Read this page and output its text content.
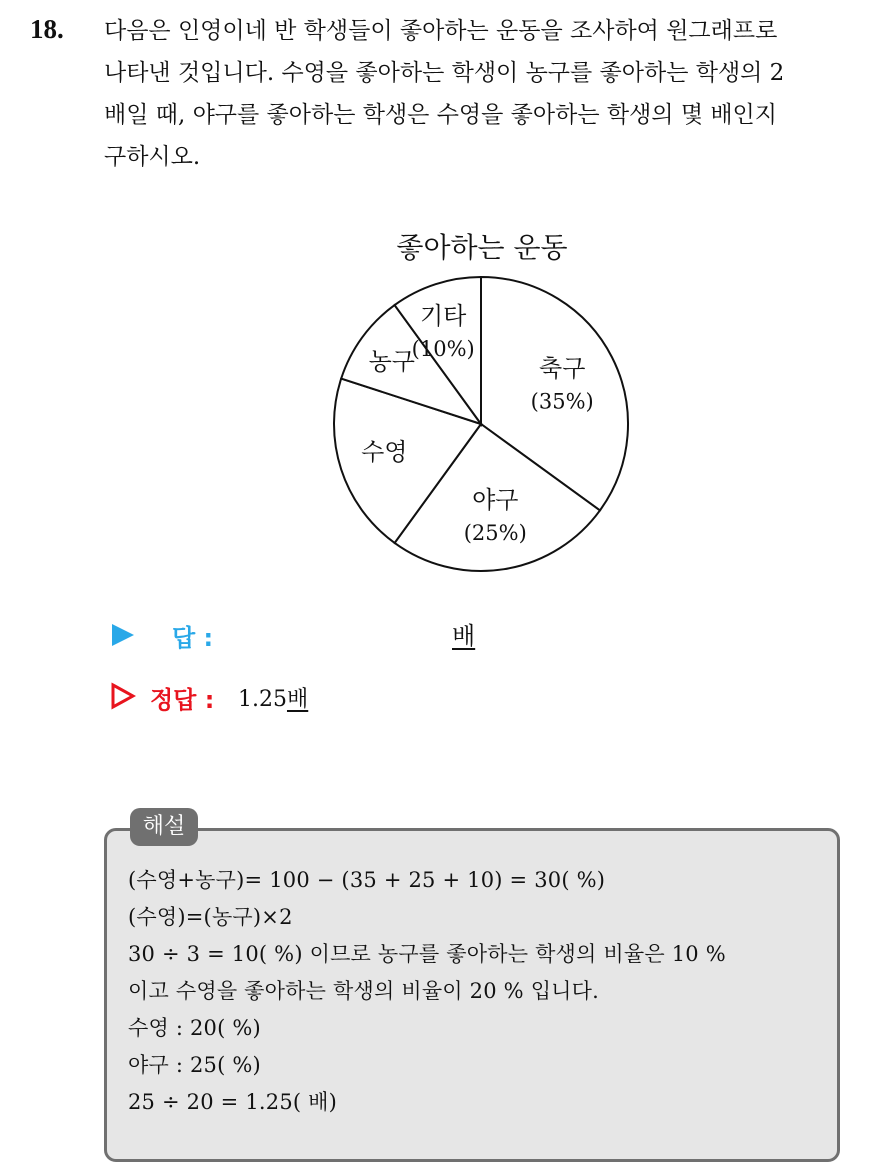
18. 다음은 인영이네 반 학생들이 좋아하는 운동을 조사하여 원그래프로
나타낸 것입니다. 수영을 좋아하는 학생이 농구를 좋아하는 학생의 2
배일 때, 야구를 좋아하는 학생은 수영을 좋아하는 학생의 몇 배인지
구하시오.

좋아하는 운동
축구
(35%)
야구
(25%)
수영
농구
기타
(10%)
답 :	배
정답 : 1.25배
해설

(수영+농구)= 100 − (35 + 25 + 10) = 30( %)
(수영)=(농구)×2
30 ÷ 3 = 10( %) 이므로 농구를 좋아하는 학생의 비율은 10 %
이고 수영을 좋아하는 학생의 비율이 20 % 입니다.
수영 : 20( %)
야구 : 25( %)
25 ÷ 20 = 1.25( 배)
